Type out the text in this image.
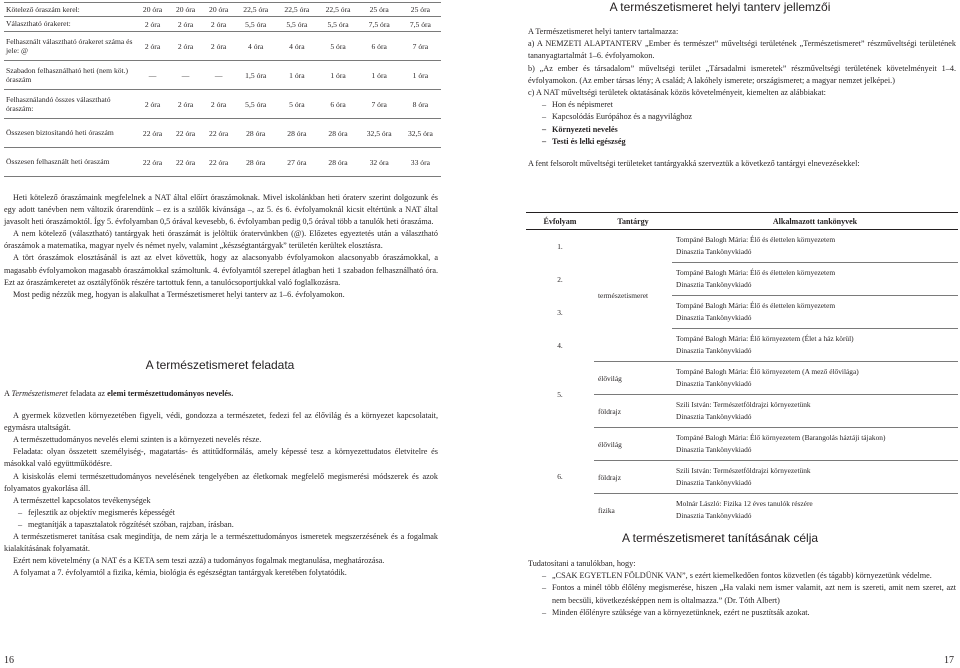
Kötelező óraszám kerel:	20 óra	20 óra	20 óra	22,5 óra	22,5 óra	22,5 óra	25 óra	25 óra
Választható órakeret:	2 óra	2 óra	2 óra	5,5 óra	5,5 óra	5,5 óra	7,5 óra	7,5 óra
Felhasznált választható órakeret száma és jele: @	2 óra	2 óra	2 óra	4 óra	4 óra	5 óra	6 óra	7 óra
Szabadon felhasználható heti (nem köt.) óraszám	—	—	—	1,5 óra	1 óra	1 óra	1 óra	1 óra
Felhasználandó összes választható óraszám:	2 óra	2 óra	2 óra	5,5 óra	5 óra	6 óra	7 óra	8 óra
Összesen biztosítandó heti óraszám	22 óra	22 óra	22 óra	28 óra	28 óra	28 óra	32,5 óra	32,5 óra
Összesen felhasznált heti óraszám	22 óra	22 óra	22 óra	28 óra	27 óra	28 óra	32 óra	33 óra

Heti kötelező óraszámaink megfelelnek a NAT által előírt óraszámoknak. Mivel iskolánkban heti óraterv szerint dolgozunk és egy adott tanévben nem változik órarendünk – ez is a szülők kívánsága –, az 5. és 6. évfolyamoknál kicsit eltértünk a NAT által javasolt heti óraszámoktól. Így 5. évfolyamban 0,5 órával kevesebb, 6. évfolyamban pedig 0,5 órával több a tanulók heti óraszáma.

A nem kötelező (választható) tantárgyak heti óraszámát is jelöltük óratervünkben (@). Előzetes egyeztetés után a választható óraszámok a matematika, magyar nyelv és német nyelv, valamint „készségtantárgyak” területén kerültek elosztásra.

A tört óraszámok elosztásánál is azt az elvet követtük, hogy az alacsonyabb évfolyamokon alacsonyabb óraszámokkal, a magasabb évfolyamokon magasabb óraszámokkal számoltunk. 4. évfolyamtól szerepel átlagban heti 1 szabadon felhasználható óra. Ezt az óraszámkeretet az osztályfőnök részére tartottuk fenn, a tanulócsoportjukkal való foglalkozásra.

Most pedig nézzük meg, hogyan is alakulhat a Természetismeret helyi tanterv az 1–6. évfolyamokon.

A természetismeret feladata

A Természetismeret feladata az elemi természettudományos nevelés.

A gyermek közvetlen környezetében figyeli, védi, gondozza a természetet, fedezi fel az élővilág és a környezet kapcsolatait, egymásra utaltságát.

A természettudományos nevelés elemi szinten is a környezeti nevelés része.

Feladata: olyan összetett személyiség-, magatartás- és attitűdformálás, amely képessé tesz a környezettudatos életvitelre és másokkal való együttműködésre.

A kisiskolás elemi természettudományos nevelésének tengelyében az életkornak megfelelő megismerési módszerek és azok folyamatos gyakorlása áll.

A természettel kapcsolatos tevékenységek

– fejlesztik az objektív megismerés képességét
– megtanítják a tapasztalatok rögzítését szóban, rajzban, írásban.

A természetismeret tanítása csak megindítja, de nem zárja le a természettudományos ismeretek megszerzésének és a fogalmak kialakításának folyamatát.

Ezért nem követelmény (a NAT és a KETA sem teszi azzá) a tudományos fogalmak megtanulása, meghatározása.

A folyamat a 7. évfolyamtól a fizika, kémia, biológia és egészségtan tantárgyak keretében folytatódik.

16
A természetismeret helyi tanterv jellemzői

A Természetismeret helyi tanterv tartalmazza:

a) A NEMZETI ALAPTANTERV „Ember és természet” műveltségi területének „Természetismeret” részműveltségi területének tananyagtartalmát 1–6. évfolyamokon.

b) „Az ember és társadalom” műveltségi terület „Társadalmi ismeretek” részműveltségi területének követelményeit 1–4. évfolyamokon. (Az ember társas lény; A család; A lakóhely ismerete; országismeret; a magyar nemzet jelképei.)

c) A NAT műveltségi területek oktatásának közös követelményeit, kiemelten az alábbiakat:

– Hon és népismeret
– Kapcsolódás Európához és a nagyvilághoz
– Környezeti nevelés
– Testi és lelki egészség

A fent felsorolt műveltségi területeket tantárgyakká szerveztük a következő tantárgyi elnevezésekkel:

Évfolyam	Tantárgy	Alkalmazott tankönyvek
1.	természetismeret	Tompáné Balogh Mária: Élő és élettelen környezetem
Dinasztia Tankönyvkiadó
2.		Tompáné Balogh Mária: Élő és élettelen környezetem
Dinasztia Tankönyvkiadó
3.		Tompáné Balogh Mária: Élő és élettelen környezetem
Dinasztia Tankönyvkiadó
4.		Tompáné Balogh Mária: Élő környezetem (Élet a ház körül)
Dinasztia Tankönyvkiadó
5.	élővilág	Tompáné Balogh Mária: Élő környezetem (A mező élővilága)
Dinasztia Tankönyvkiadó
	földrajz	Szili István: Természetföldrajzi környezetünk
Dinasztia Tankönyvkiadó
6.	élővilág	Tompáné Balogh Mária: Élő környezetem (Barangolás háztáji tájakon)
Dinasztia Tankönyvkiadó
	földrajz	Szili István: Természetföldrajzi környezetünk
Dinasztia Tankönyvkiadó
	fizika	Molnár László: Fizika 12 éves tanulók részére
Dinasztia Tankönyvkiadó
A természetismeret tanításának célja

Tudatosítani a tanulókban, hogy:

– „CSAK EGYETLEN FÖLDÜNK VAN”, s ezért kiemelkedően fontos közvetlen (és tágabb) környezetünk védelme.
– Fontos a minél több élőlény megismerése, hiszen „Ha valaki nem ismer valamit, azt nem is szereti, amit nem szeret, azt nem becsüli, következésképpen nem is oltalmazza.” (Dr. Tóth Albert)
– Minden élőlényre szüksége van a környezetünknek, ezért ne pusztítsák azokat.
17
